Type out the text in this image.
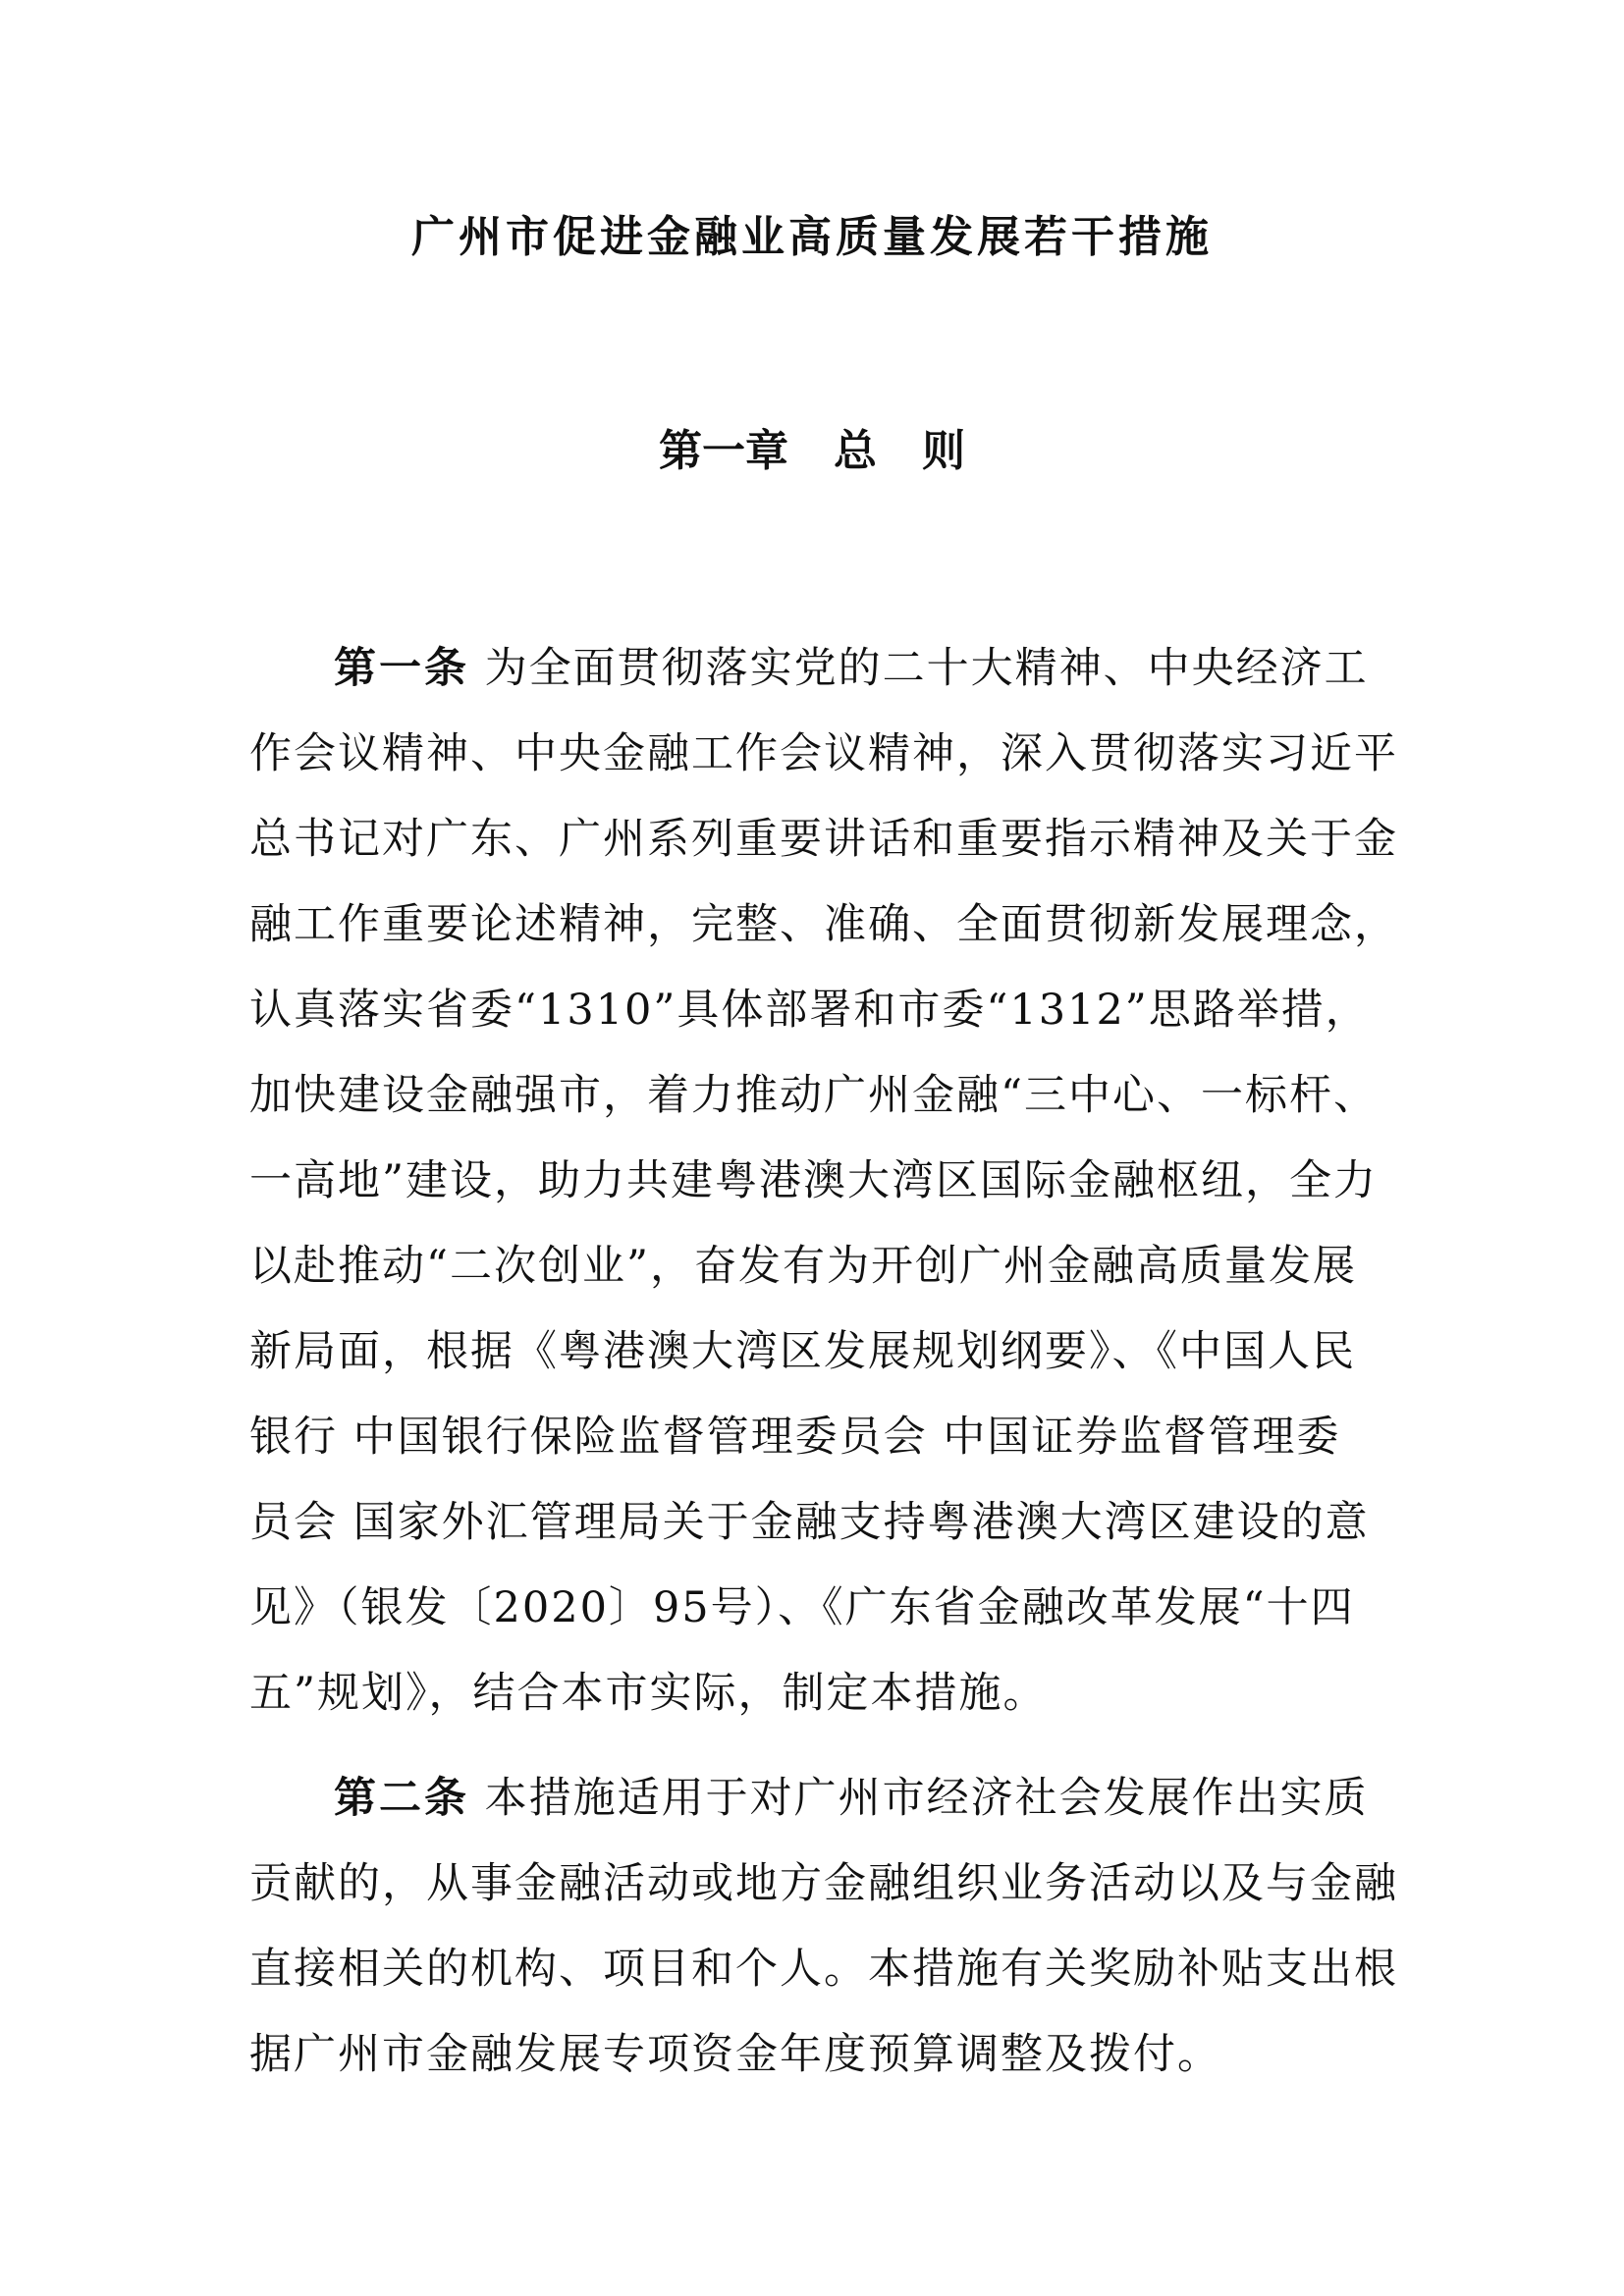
广州市促进金融业高质量发展若干措施
第一章   总   则
第一条 为全面贯彻落实党的二十大精神、中央经济工
作会议精神、中央金融工作会议精神，深入贯彻落实习近平
总书记对广东、广州系列重要讲话和重要指示精神及关于金
融工作重要论述精神，完整、准确、全面贯彻新发展理念，
认真落实省委“1310”具体部署和市委“1312”思路举措，
加快建设金融强市，着力推动广州金融“三中心、一标杆、
一高地”建设，助力共建粤港澳大湾区国际金融枢纽，全力
以赴推动“二次创业”，奋发有为开创广州金融高质量发展
新局面，根据《粤港澳大湾区发展规划纲要》、《中国人民
银行 中国银行保险监督管理委员会 中国证券监督管理委
员会 国家外汇管理局关于金融支持粤港澳大湾区建设的意
见》（银发〔2020〕95号）、《广东省金融改革发展“十四
五”规划》，结合本市实际，制定本措施。
第二条 本措施适用于对广州市经济社会发展作出实质
贡献的，从事金融活动或地方金融组织业务活动以及与金融
直接相关的机构、项目和个人。本措施有关奖励补贴支出根
据广州市金融发展专项资金年度预算调整及拨付。
